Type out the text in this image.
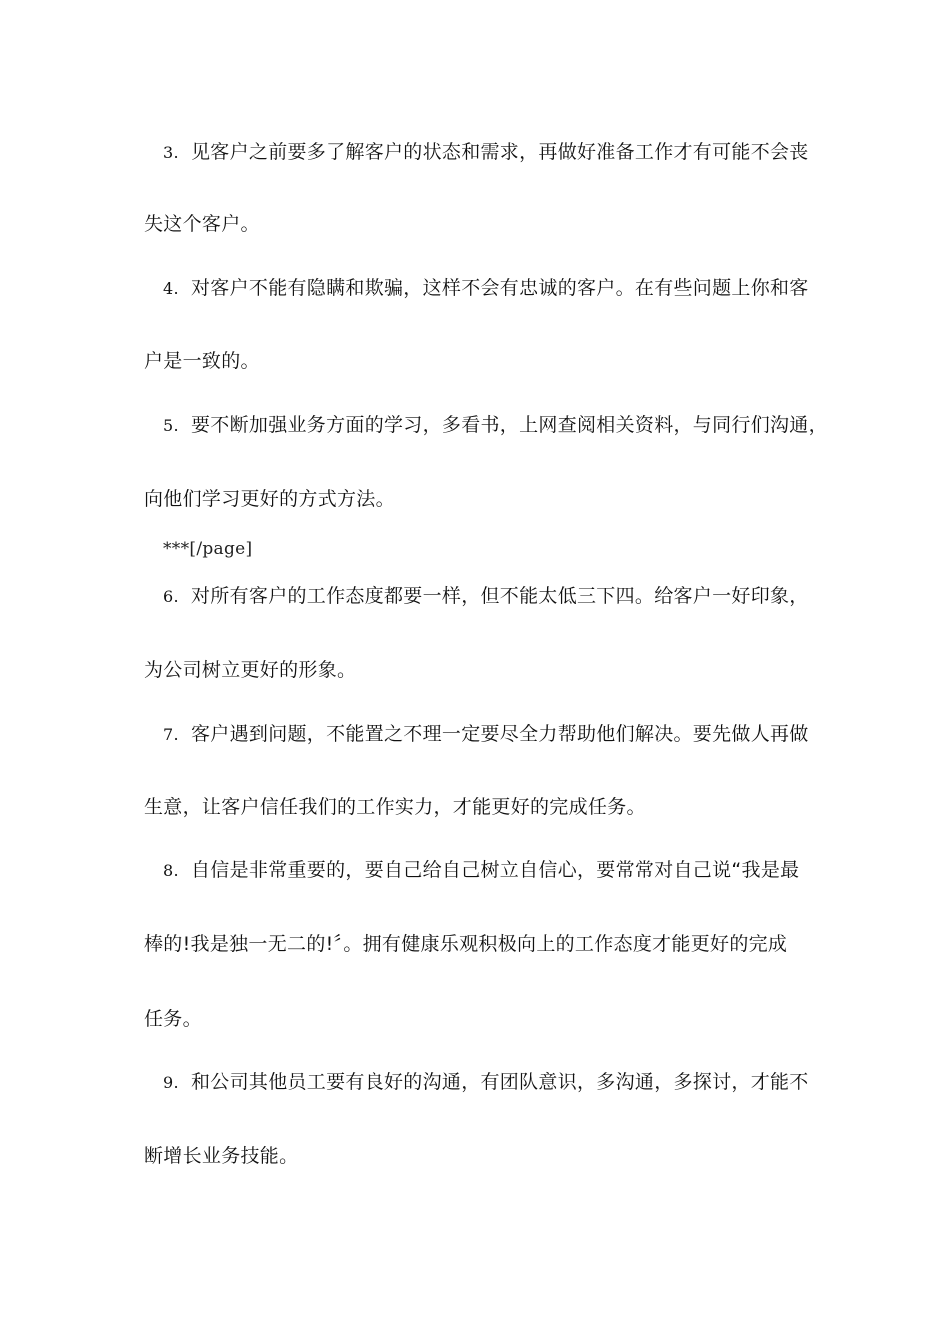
3. 见客户之前要多了解客户的状态和需求，再做好准备工作才有可能不会丧
失这个客户。
4. 对客户不能有隐瞒和欺骗，这样不会有忠诚的客户。在有些问题上你和客
户是一致的。
5. 要不断加强业务方面的学习，多看书，上网查阅相关资料，与同行们沟通，
向他们学习更好的方式方法。
***[/page]
6. 对所有客户的工作态度都要一样，但不能太低三下四。给客户一好印象，
为公司树立更好的形象。
7. 客户遇到问题，不能置之不理一定要尽全力帮助他们解决。要先做人再做
生意，让客户信任我们的工作实力，才能更好的完成任务。
8. 自信是非常重要的，要自己给自己树立自信心，要常常对自己说“我是最
棒的!我是独一无二的!〞。拥有健康乐观积极向上的工作态度才能更好的完成
任务。
9. 和公司其他员工要有良好的沟通，有团队意识，多沟通，多探讨，才能不
断增长业务技能。
